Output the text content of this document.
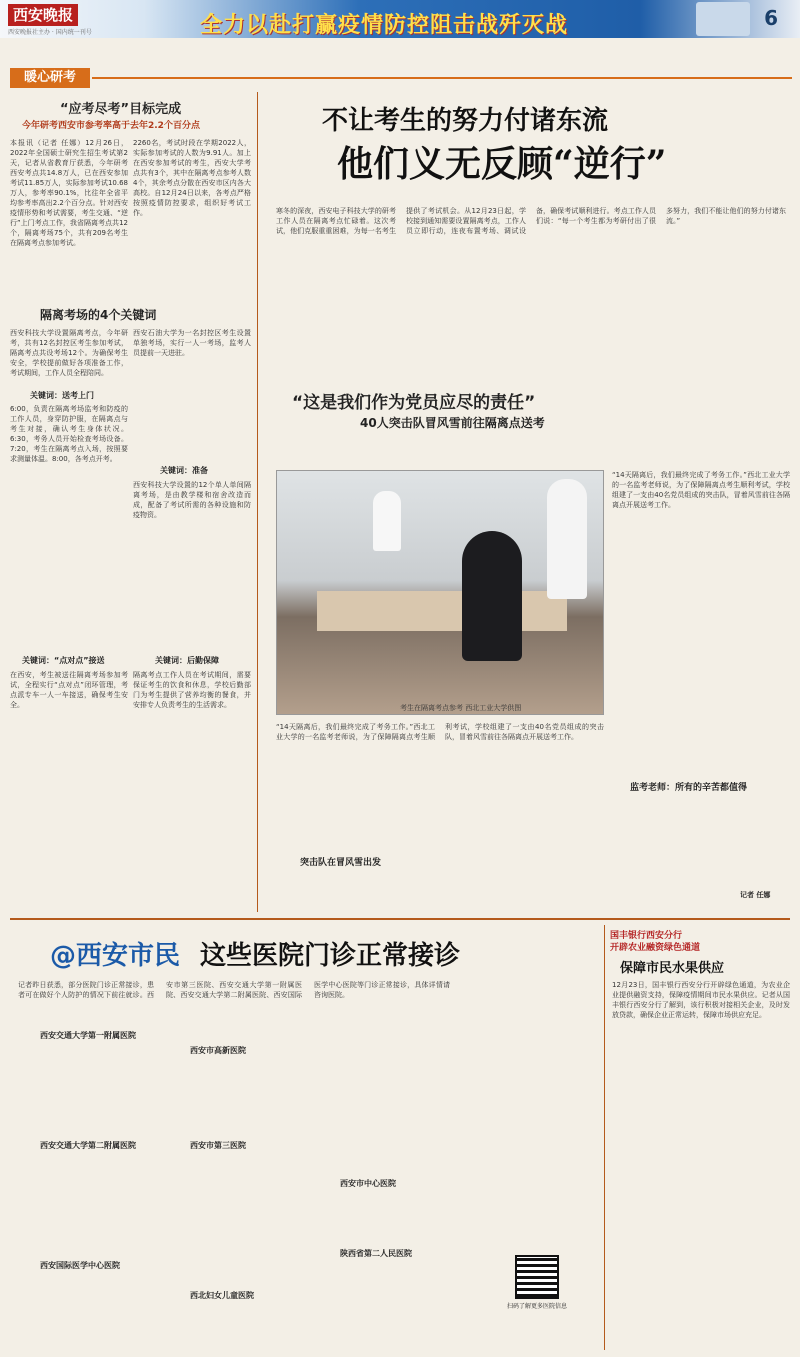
西安晚报
西安晚报社主办 · 国内统一刊号	全力以赴打赢疫情防控阻击战歼灭战	6
暖心研考
“应考尽考”目标完成
今年研考西安市参考率高于去年2.2个百分点
本报讯（记者 任娜）12月26日，2022年全国硕士研究生招生考试第2天，记者从省教育厅获悉，今年研考西安考点共14.8万人，已在西安参加考试11.85万人，实际参加考试10.68万人，参考率90.1%，比往年全省平均参考率高出2.2个百分点。针对西安疫情形势和考试需要，考生交通、“逆行”上门考点工作，我省隔离考点共12个，隔离考场75个，共有209名考生在隔离考点参加考试。
2260名，考试时段在学期2022人，实际参加考试的人数为9.91人。加上在西安参加考试的考生，西安大学考点共有3个，其中在隔离考点参考人数4个，其余考点分散在西安市区内各大高校。自12月24日以来，各考点严格按照疫情防控要求，组织好考试工作。
隔离考场的4个关键词
西安科技大学设置隔离考点，今年研考，共有12名封控区考生参加考试，隔离考点共设考场12个。为确保考生安全，学校提前做好各项准备工作，考试期间，工作人员全程陪同。
关键词：送考上门
6:00，负责在隔离考场监考和防疫的工作人员，身穿防护服，在隔离点与考生对接，确认考生身体状况。6:30，考务人员开始检查考场设备。7:20，考生在隔离考点入场，按照要求测量体温。8:00，各考点开考。
关键词：“点对点”接送
在西安，考生被送往隔离考场参加考试，全程实行“点对点”闭环管理，考点派专车一人一车接送，确保考生安全。
西安石油大学为一名封控区考生设置单独考场，实行一人一考场，监考人员提前一天进驻。
关键词：准备
西安科技大学设置的12个单人单间隔离考场，是由教学楼和宿舍改造而成，配备了考试所需的各种设施和防疫物资。
关键词：后勤保障
隔离考点工作人员在考试期间，需要保证考生的饮食和休息，学校后勤部门为考生提供了营养均衡的餐食，并安排专人负责考生的生活需求。
不让考生的努力付诸东流
他们义无反顾“逆行”
寒冬的深夜，西安电子科技大学的研考工作人员在隔离考点忙碌着。这次考试，他们克服重重困难，为每一名考生提供了考试机会。从12月23日起，学校接到通知需要设置隔离考点，工作人员立即行动，连夜布置考场、调试设备，确保考试顺利进行。考点工作人员们说：“每一个考生都为考研付出了很多努力，我们不能让他们的努力付诸东流。”
“这是我们作为党员应尽的责任”
40人突击队冒风雪前往隔离点送考
考生在隔离考点参考 西北工业大学供图
“14天隔离后，我们最终完成了考务工作。”西北工业大学的一名监考老师说，为了保障隔离点考生顺利考试，学校组建了一支由40名党员组成的突击队，冒着风雪前往各隔离点开展送考工作。
突击队在冒风雪出发
“14天隔离后，我们最终完成了考务工作。”西北工业大学的一名监考老师说，为了保障隔离点考生顺利考试，学校组建了一支由40名党员组成的突击队，冒着风雪前往各隔离点开展送考工作。
监考老师：所有的辛苦都值得
记者 任娜
@西安市民 这些医院门诊正常接诊
记者昨日获悉，部分医院门诊正常接诊，患者可在做好个人防护的情况下前往就诊。西安市第三医院、西安交通大学第一附属医院、西安交通大学第二附属医院、西安国际医学中心医院等门诊正常接诊，具体详情请咨询医院。
西安交通大学第一附属医院
西安交通大学第二附属医院
西安国际医学中心医院
西安市高新医院
西安市第三医院
西安市中心医院
陕西省第二人民医院
西北妇女儿童医院
扫码了解更多医院信息
国丰银行西安分行
开辟农业融资绿色通道
保障市民水果供应
12月23日，国丰银行西安分行开辟绿色通道，为农业企业提供融资支持，保障疫情期间市民水果供应。记者从国丰银行西安分行了解到，该行积极对接相关企业，及时发放贷款，确保企业正常运转，保障市场供应充足。
